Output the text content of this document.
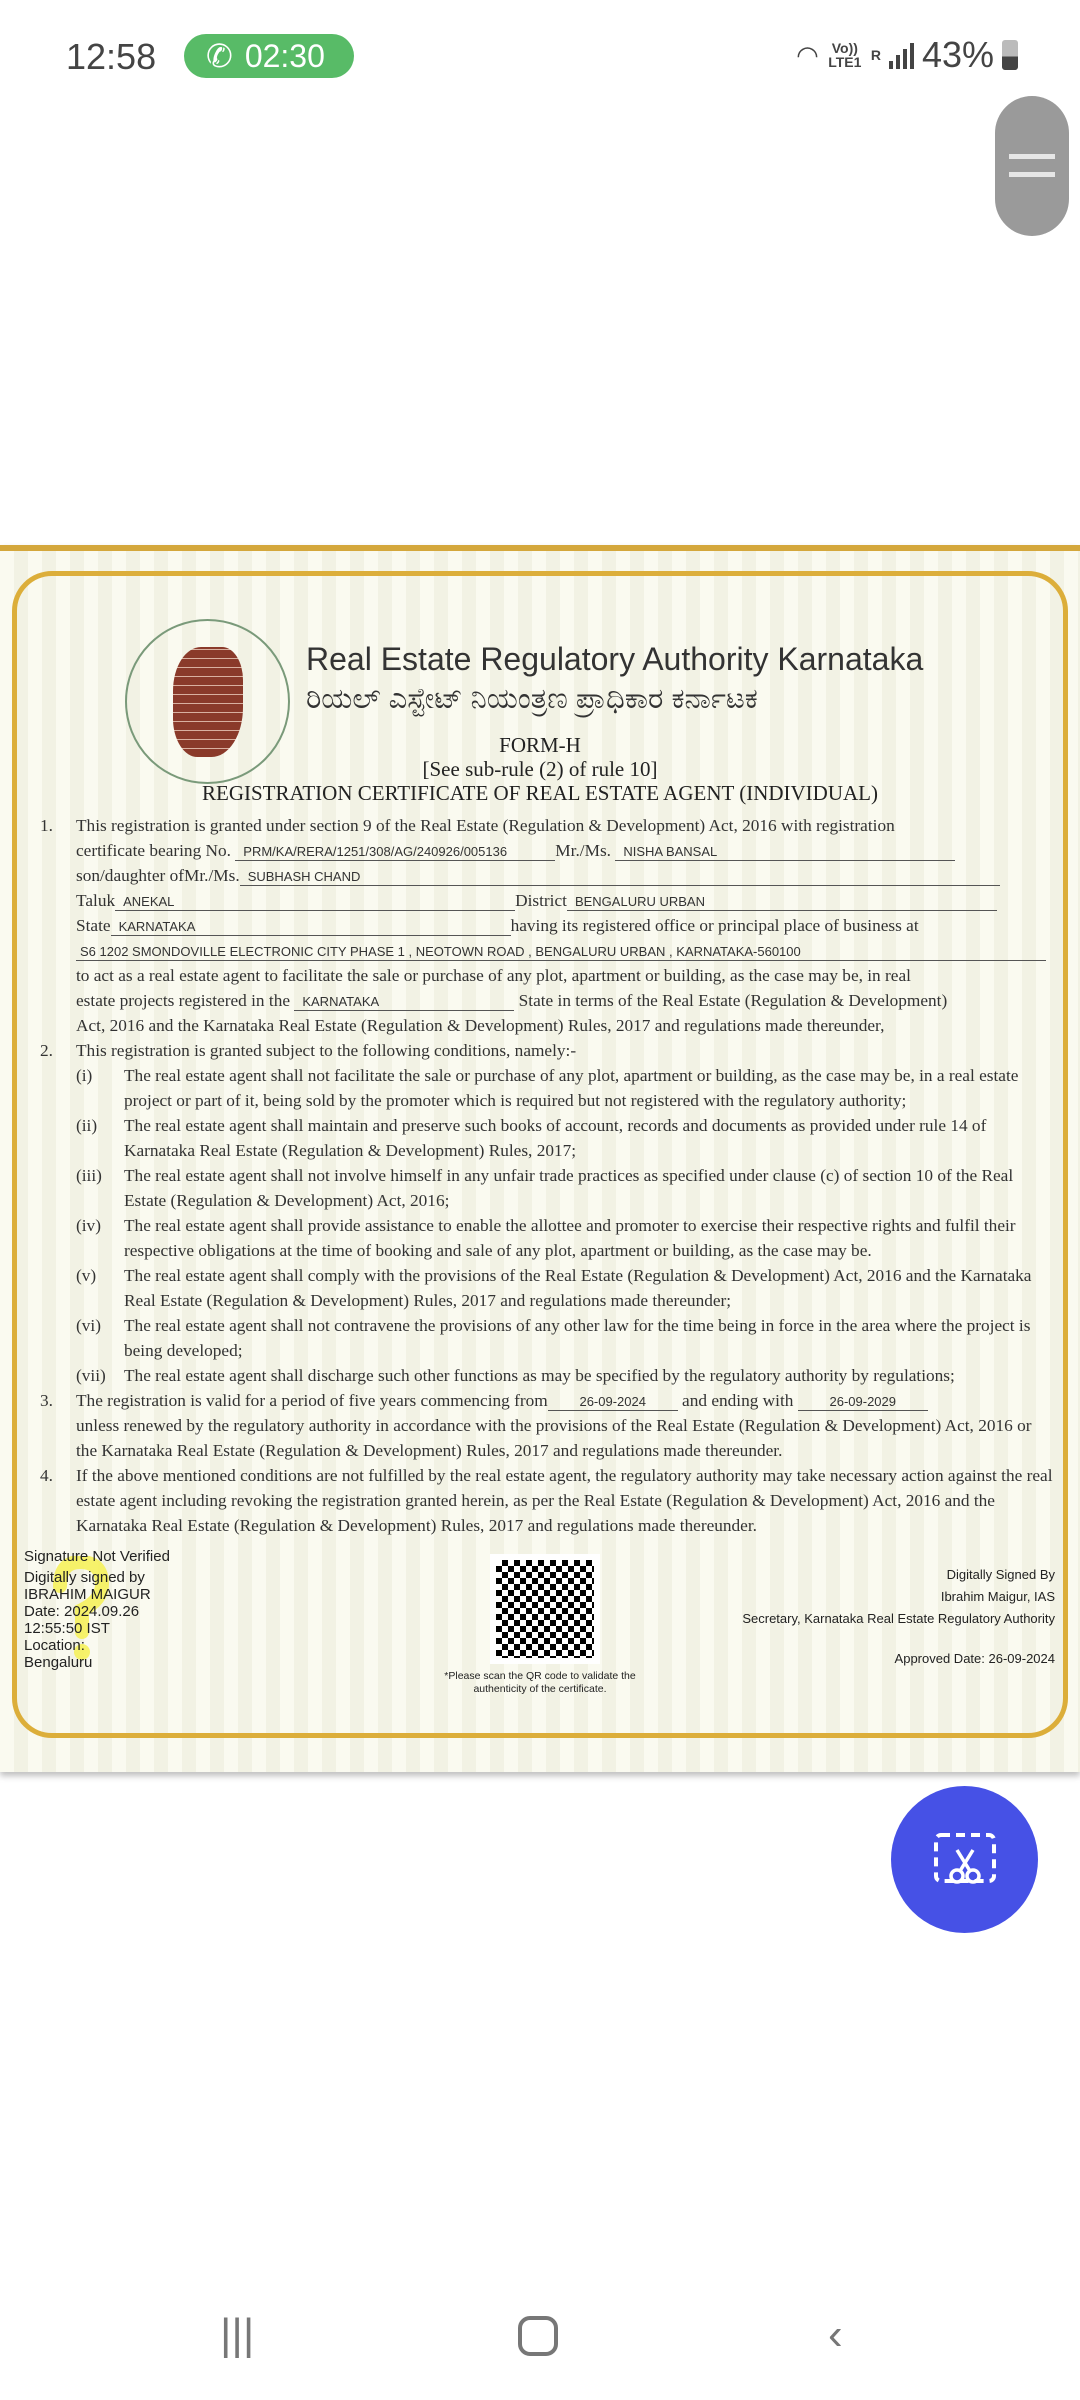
12:58 ✆ 02:30	◠ Vo)) LTE1 R 43%
Real Estate Regulatory Authority Karnataka
ರಿಯಲ್ ಎಸ್ಟೇಟ್ ನಿಯಂತ್ರಣ ಪ್ರಾಧಿಕಾರ ಕರ್ನಾಟಕ
FORM-H
[See sub-rule (2) of rule 10]
REGISTRATION CERTIFICATE OF REAL ESTATE AGENT (INDIVIDUAL)
1.	This registration is granted under section 9 of the Real Estate (Regulation & Development) Act, 2016 with registration
certificate bearing No. PRM/KA/RERA/1251/308/AG/240926/005136	Mr./Ms. NISHA BANSAL
son/daughter ofMr./Ms. SUBHASH CHAND
Taluk ANEKAL	District BENGALURU URBAN
State KARNATAKA	having its registered office or principal place of business at
S6 1202 SMONDOVILLE ELECTRONIC CITY PHASE 1 , NEOTOWN ROAD , BENGALURU URBAN , KARNATAKA-560100
to act as a real estate agent to facilitate the sale or purchase of any plot, apartment or building, as the case may be, in real
estate projects registered in the KARNATAKA	State in terms of the Real Estate (Regulation & Development)
Act, 2016 and the Karnataka Real Estate (Regulation & Development) Rules, 2017 and regulations made thereunder,
2.	This registration is granted subject to the following conditions, namely:-
(i)	The real estate agent shall not facilitate the sale or purchase of any plot, apartment or building, as the case may be, in a real estate project or part of it, being sold by the promoter which is required but not registered with the regulatory authority;
(ii)	The real estate agent shall maintain and preserve such books of account, records and documents as provided under rule 14 of Karnataka Real Estate (Regulation & Development) Rules, 2017;
(iii)	The real estate agent shall not involve himself in any unfair trade practices as specified under clause (c) of section 10 of the Real Estate (Regulation & Development) Act, 2016;
(iv)	The real estate agent shall provide assistance to enable the allottee and promoter to exercise their respective rights and fulfil their respective obligations at the time of booking and sale of any plot, apartment or building, as the case may be.
(v)	The real estate agent shall comply with the provisions of the Real Estate (Regulation & Development) Act, 2016 and the Karnataka Real Estate (Regulation & Development) Rules, 2017 and regulations made thereunder;
(vi)	The real estate agent shall not contravene the provisions of any other law for the time being in force in the area where the project is being developed;
(vii)	The real estate agent shall discharge such other functions as may be specified by the regulatory authority by regulations;
3.	The registration is valid for a period of five years commencing from 26-09-2024 and ending with	26-09-2029
unless renewed by the regulatory authority in accordance with the provisions of the Real Estate (Regulation & Development) Act, 2016 or the Karnataka Real Estate (Regulation & Development) Rules, 2017 and regulations made thereunder.
4.	If the above mentioned conditions are not fulfilled by the real estate agent, the regulatory authority may take necessary action against the real estate agent including revoking the registration granted herein, as per the Real Estate (Regulation & Development) Act, 2016 and the Karnataka Real Estate (Regulation & Development) Rules, 2017 and regulations made thereunder.
Signature Not Verified
Digitally signed by
IBRAHIM MAIGUR
Date: 2024.09.26
12:55:50 IST
Location:
Bengaluru
*Please scan the QR code to validate the authenticity of the certificate.
Digitally Signed By
Ibrahim Maigur, IAS
Secretary, Karnataka Real Estate Regulatory Authority
Approved Date: 26-09-2024
|||	‹
